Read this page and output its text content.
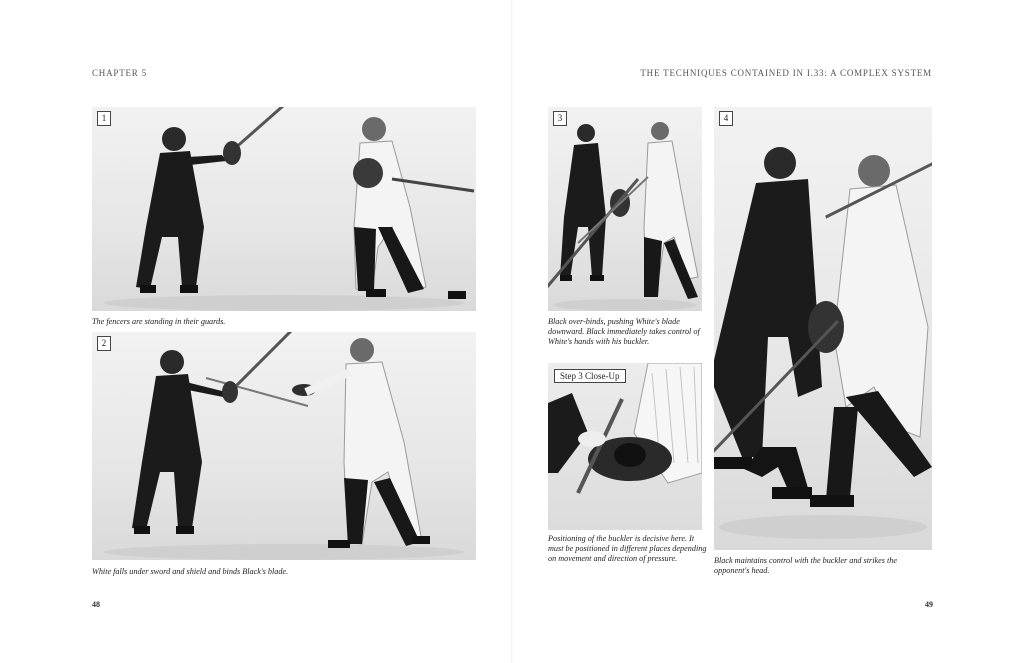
CHAPTER 5	THE TECHNIQUES CONTAINED IN I.33: A COMPLEX SYSTEM
1
The fencers are standing in their guards.
2
White falls under sword and shield and binds Black's blade.
3
Black over-binds, pushing White's blade downward. Black immediately takes control of White's hands with his buckler.
Step 3 Close-Up
Positioning of the buckler is decisive here. It must be positioned in different places depending on movement and direction of pressure.
4
Black maintains control with the buckler and strikes the opponent's head.
48	49
